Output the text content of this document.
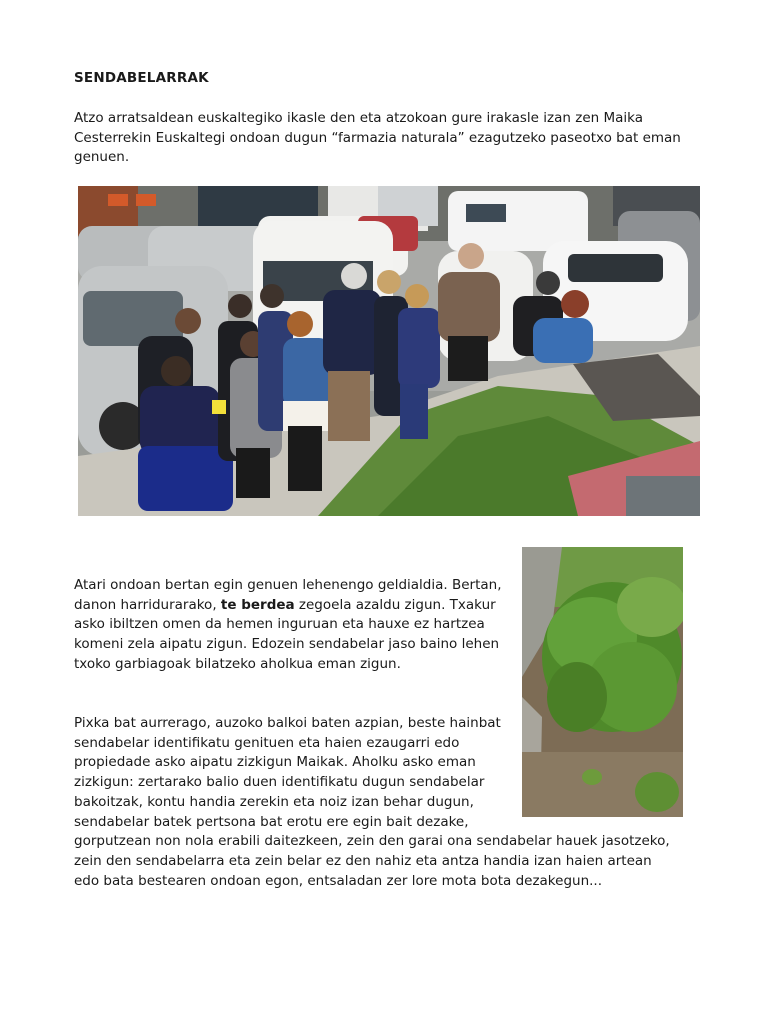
SENDABELARRAK

Atzo arratsaldean euskaltegiko ikasle den eta atzokoan gure irakasle izan zen Maika Cesterrekin Euskaltegi ondoan dugun “farmazia naturala” ezagutzeko paseotxo bat eman genuen.

Atari ondoan bertan egin genuen lehenengo geldialdia. Bertan, danon harridurarako, te berdea zegoela azaldu zigun. Txakur asko ibiltzen omen da hemen inguruan eta hauxe ez hartzea komeni zela aipatu zigun. Edozein sendabelar jaso baino lehen txoko garbiagoak bilatzeko aholkua eman zigun.

Pixka bat aurrerago, auzoko balkoi baten azpian, beste hainbat sendabelar identifikatu genituen eta haien ezaugarri edo propiedade asko aipatu zizkigun Maikak. Aholku asko eman zizkigun: zertarako balio duen identifikatu dugun sendabelar bakoitzak, kontu handia zerekin eta noiz izan behar dugun, sendabelar batek pertsona bat erotu ere egin bait dezake, gorputzean non nola erabili daitezkeen, zein den garai ona sendabelar hauek jasotzeko, zein den sendabelarra eta zein belar ez den nahiz eta antza handia izan haien artean edo bata bestearen ondoan egon, entsaladan zer lore mota bota dezakegun...
